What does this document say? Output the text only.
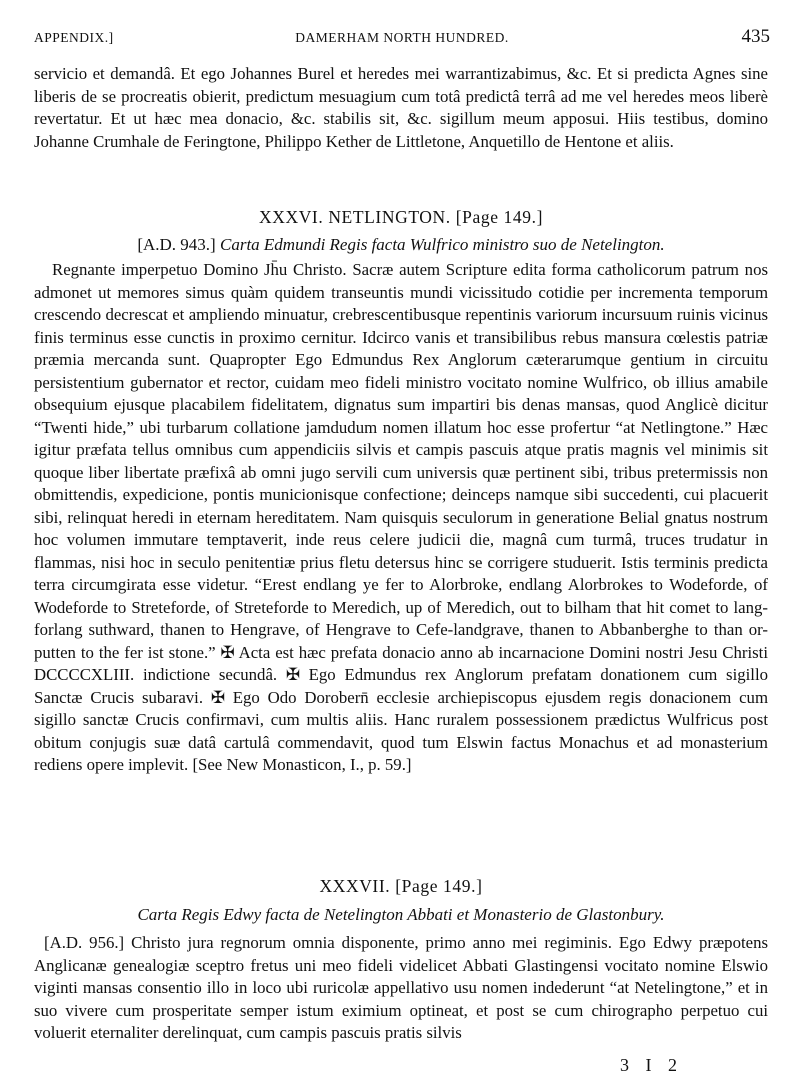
APPENDIX.]	DAMERHAM NORTH HUNDRED.	435

servicio et demandâ. Et ego Johannes Burel et heredes mei warrantizabimus, &c. Et si predicta Agnes sine liberis de se procreatis obierit, predictum mesuagium cum totâ predictâ terrâ ad me vel heredes meos liberè revertatur. Et ut hæc mea donacio, &c. stabilis sit, &c. sigillum meum apposui. Hiis testibus, domino Johanne Crumhale de Feringtone, Philippo Kether de Littletone, Anquetillo de Hentone et aliis.

XXXVI. NETLINGTON. [Page 149.]

[A.D. 943.] Carta Edmundi Regis facta Wulfrico ministro suo de Netelington.

Regnante imperpetuo Domino Jh̄u Christo. Sacræ autem Scripture edita forma catholicorum patrum nos admonet ut memores simus quàm quidem transeuntis mundi vicissitudo cotidie per incrementa temporum crescendo decrescat et ampliendo minuatur, crebrescentibusque repentinis variorum incursuum ruinis vicinus finis terminus esse cunctis in proximo cernitur. Idcirco vanis et transibilibus rebus mansura cœlestis patriæ præmia mercanda sunt. Quapropter Ego Edmundus Rex Anglorum cæterarumque gentium in circuitu persistentium gubernator et rector, cuidam meo fideli ministro vocitato nomine Wulfrico, ob illius amabile obsequium ejusque placabilem fidelitatem, dignatus sum impartiri bis denas mansas, quod Anglicè dicitur “Twenti hide,” ubi turbarum collatione jamdudum nomen illatum hoc esse profertur “at Netlingtone.” Hæc igitur præfata tellus omnibus cum appendiciis silvis et campis pascuis atque pratis magnis vel minimis sit quoque liber libertate præfixâ ab omni jugo servili cum universis quæ pertinent sibi, tribus pretermissis non obmittendis, expedicione, pontis municionisque confectione; deinceps namque sibi succedenti, cui placuerit sibi, relinquat heredi in eternam hereditatem. Nam quisquis seculorum in generatione Belial gnatus nostrum hoc volumen immutare temptaverit, inde reus celere judicii die, magnâ cum turmâ, truces trudatur in flammas, nisi hoc in seculo penitentiæ prius fletu detersus hinc se corrigere studuerit. Istis terminis predicta terra circumgirata esse videtur. “Erest endlang ye fer to Alorbroke, endlang Alorbrokes to Wodeforde, of Wodeforde to Streteforde, of Streteforde to Meredich, up of Meredich, out to bilham that hit comet to lang-forlang suthward, thanen to Hengrave, of Hengrave to Cefe-landgrave, thanen to Abbanberghe to than or-putten to the fer ist stone.” ✠ Acta est hæc prefata donacio anno ab incarnacione Domini nostri Jesu Christi DCCCCXLIII. indictione secundâ. ✠ Ego Edmundus rex Anglorum prefatam donationem cum sigillo Sanctæ Crucis subaravi. ✠ Ego Odo Dorobern̄ ecclesie archiepiscopus ejusdem regis donacionem cum sigillo sanctæ Crucis confirmavi, cum multis aliis. Hanc ruralem possessionem prædictus Wulfricus post obitum conjugis suæ datâ cartulâ commendavit, quod tum Elswin factus Monachus et ad monasterium rediens opere implevit. [See New Monasticon, I., p. 59.]

XXXVII. [Page 149.]

Carta Regis Edwy facta de Netelington Abbati et Monasterio de Glastonbury.

[A.D. 956.] Christo jura regnorum omnia disponente, primo anno mei regiminis. Ego Edwy præpotens Anglicanæ genealogiæ sceptro fretus uni meo fideli videlicet Abbati Glastingensi vocitato nomine Elswio viginti mansas consentio illo in loco ubi ruricolæ appellativo usu nomen indederunt “at Netelingtone,” et in suo vivere cum prosperitate semper istum eximium optineat, et post se cum chirographo perpetuo cui voluerit eternaliter derelinquat, cum campis pascuis pratis silvis

3 I 2
